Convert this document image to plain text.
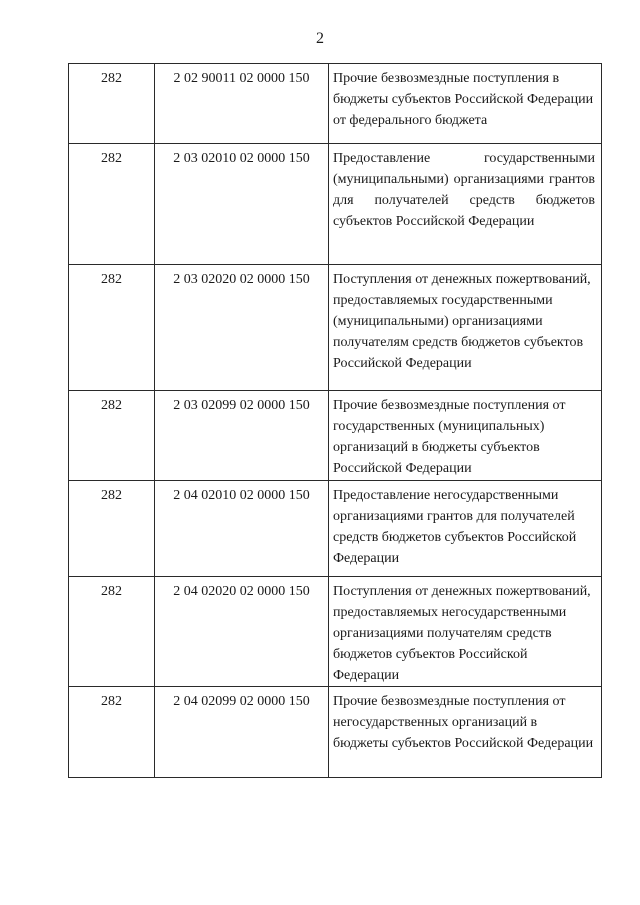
2
282	2 02 90011 02 0000 150	Прочие безвозмездные поступления в бюджеты субъектов Российской Федерации от федерального бюджета
282	2 03 02010 02 0000 150	Предоставление государственными (муниципальными) организациями грантов для получателей средств бюджетов субъектов Российской Федерации
282	2 03 02020 02 0000 150	Поступления от денежных пожертвований, предоставляемых государственными (муниципальными) организациями получателям средств бюджетов субъектов Российской Федерации
282	2 03 02099 02 0000 150	Прочие безвозмездные поступления от государственных (муниципальных) организаций в бюджеты субъектов Российской Федерации
282	2 04 02010 02 0000 150	Предоставление негосударственными организациями грантов для получателей средств бюджетов субъектов Российской Федерации
282	2 04 02020 02 0000 150	Поступления от денежных пожертвований, предоставляемых негосударственными организациями получателям средств бюджетов субъектов Российской Федерации
282	2 04 02099 02 0000 150	Прочие безвозмездные поступления от негосударственных организаций в бюджеты субъектов Российской Федерации
